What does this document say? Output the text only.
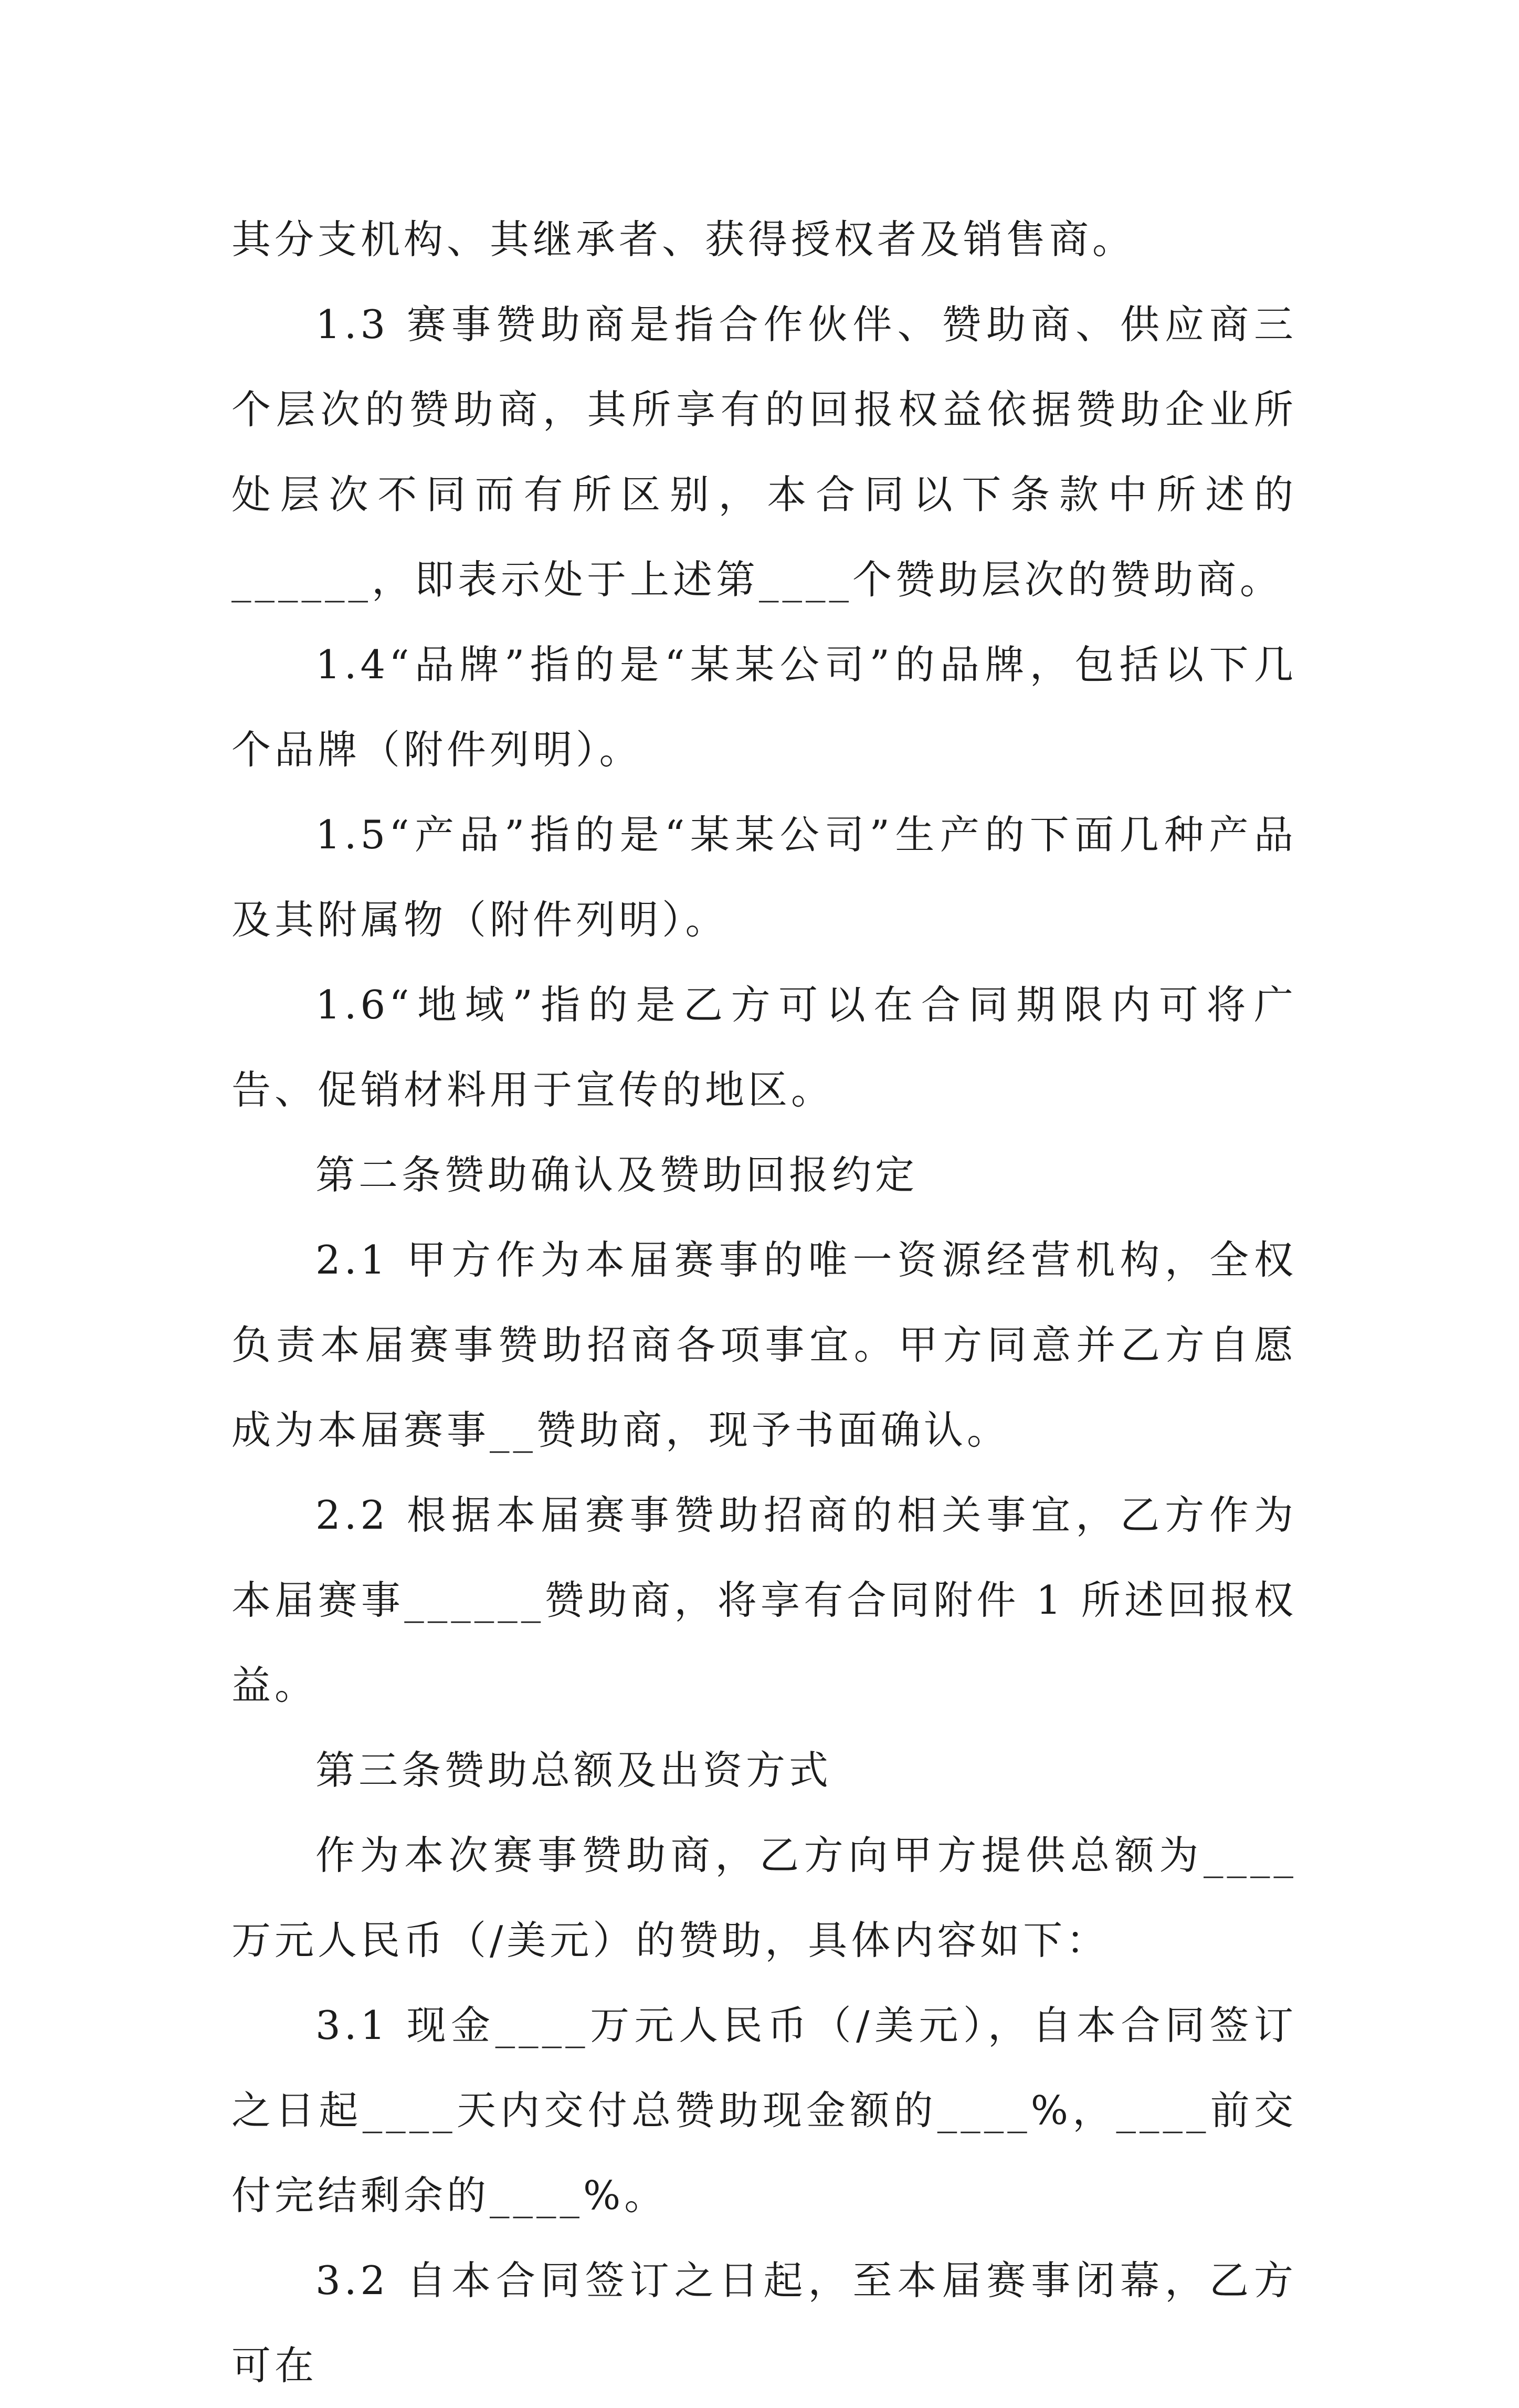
其分支机构、其继承者、获得授权者及销售商。

1.3 赛事赞助商是指合作伙伴、赞助商、供应商三个层次的赞助商，其所享有的回报权益依据赞助企业所处层次不同而有所区别，本合同以下条款中所述的______，即表示处于上述第____个赞助层次的赞助商。

1.4“品牌”指的是“某某公司”的品牌，包括以下几个品牌（附件列明）。

1.5“产品”指的是“某某公司”生产的下面几种产品及其附属物（附件列明）。

1.6“地域”指的是乙方可以在合同期限内可将广告、促销材料用于宣传的地区。

第二条赞助确认及赞助回报约定

2.1 甲方作为本届赛事的唯一资源经营机构，全权负责本届赛事赞助招商各项事宜。甲方同意并乙方自愿成为本届赛事__赞助商，现予书面确认。

2.2 根据本届赛事赞助招商的相关事宜，乙方作为本届赛事______赞助商，将享有合同附件 1 所述回报权益。

第三条赞助总额及出资方式

作为本次赛事赞助商，乙方向甲方提供总额为____万元人民币（/美元）的赞助，具体内容如下：

3.1 现金____万元人民币（/美元），自本合同签订之日起____天内交付总赞助现金额的____%，____前交付完结剩余的____%。

3.2 自本合同签订之日起，至本届赛事闭幕，乙方可在
